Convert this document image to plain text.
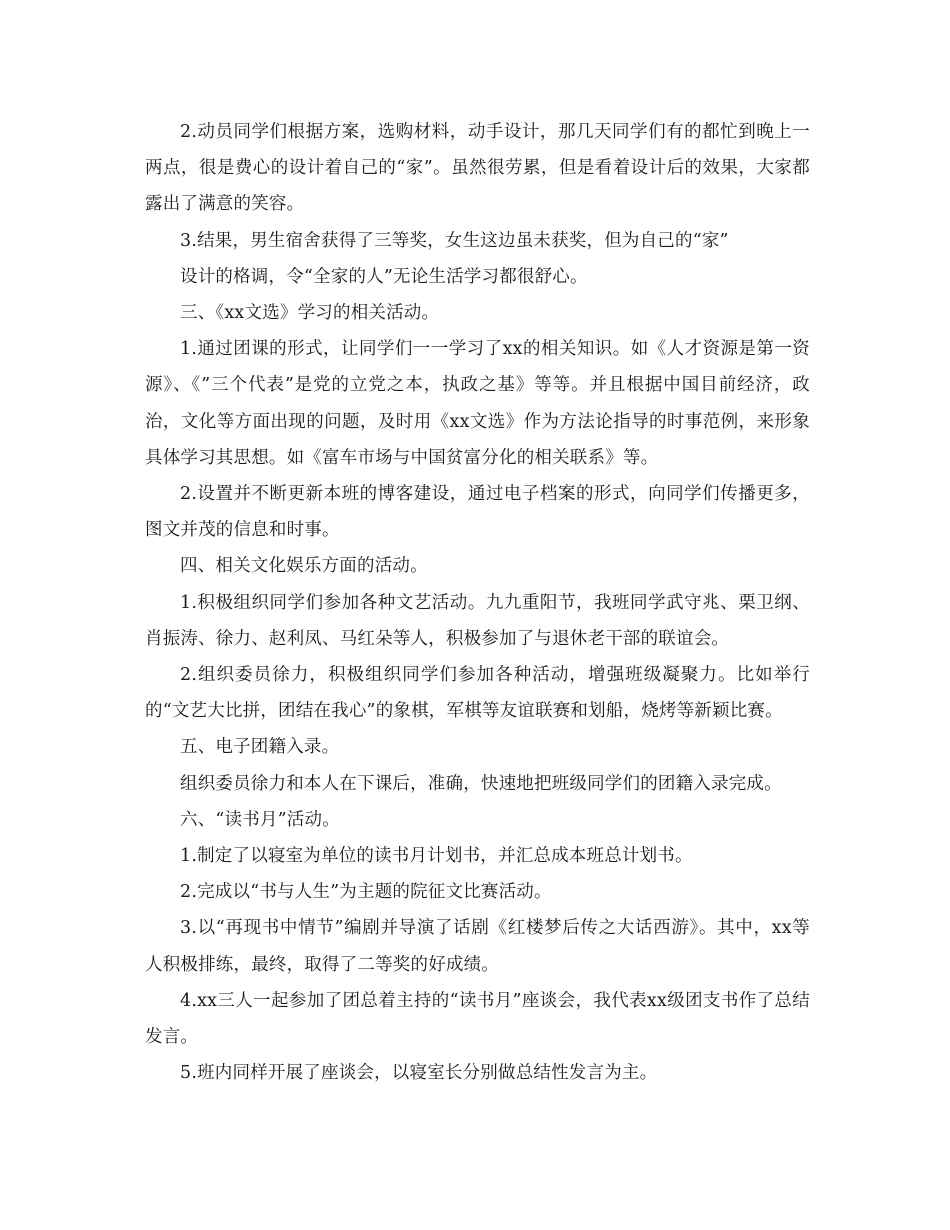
2.动员同学们根据方案，选购材料，动手设计，那几天同学们有的都忙到晚上一两点，很是费心的设计着自己的“家”。虽然很劳累，但是看着设计后的效果，大家都露出了满意的笑容。

3.结果，男生宿舍获得了三等奖，女生这边虽未获奖，但为自己的“家”

设计的格调，令“全家的人”无论生活学习都很舒心。

三、《xx文选》学习的相关活动。

1.通过团课的形式，让同学们一一学习了xx的相关知识。如《人才资源是第一资源》、《”三个代表”是党的立党之本，执政之基》等等。并且根据中国目前经济，政治，文化等方面出现的问题，及时用《xx文选》作为方法论指导的时事范例，来形象具体学习其思想。如《富车市场与中国贫富分化的相关联系》等。

2.设置并不断更新本班的博客建设，通过电子档案的形式，向同学们传播更多，图文并茂的信息和时事。

四、相关文化娱乐方面的活动。

1.积极组织同学们参加各种文艺活动。九九重阳节，我班同学武守兆、栗卫纲、肖振涛、徐力、赵利凤、马红朵等人，积极参加了与退休老干部的联谊会。

2.组织委员徐力，积极组织同学们参加各种活动，增强班级凝聚力。比如举行的“文艺大比拼，团结在我心”的象棋，军棋等友谊联赛和划船，烧烤等新颖比赛。

五、电子团籍入录。

组织委员徐力和本人在下课后，准确，快速地把班级同学们的团籍入录完成。

六、“读书月”活动。

1.制定了以寝室为单位的读书月计划书，并汇总成本班总计划书。

2.完成以“书与人生”为主题的院征文比赛活动。

3.以“再现书中情节”编剧并导演了话剧《红楼梦后传之大话西游》。其中，xx等人积极排练，最终，取得了二等奖的好成绩。

4.xx三人一起参加了团总着主持的“读书月”座谈会，我代表xx级团支书作了总结发言。

5.班内同样开展了座谈会，以寝室长分别做总结性发言为主。
